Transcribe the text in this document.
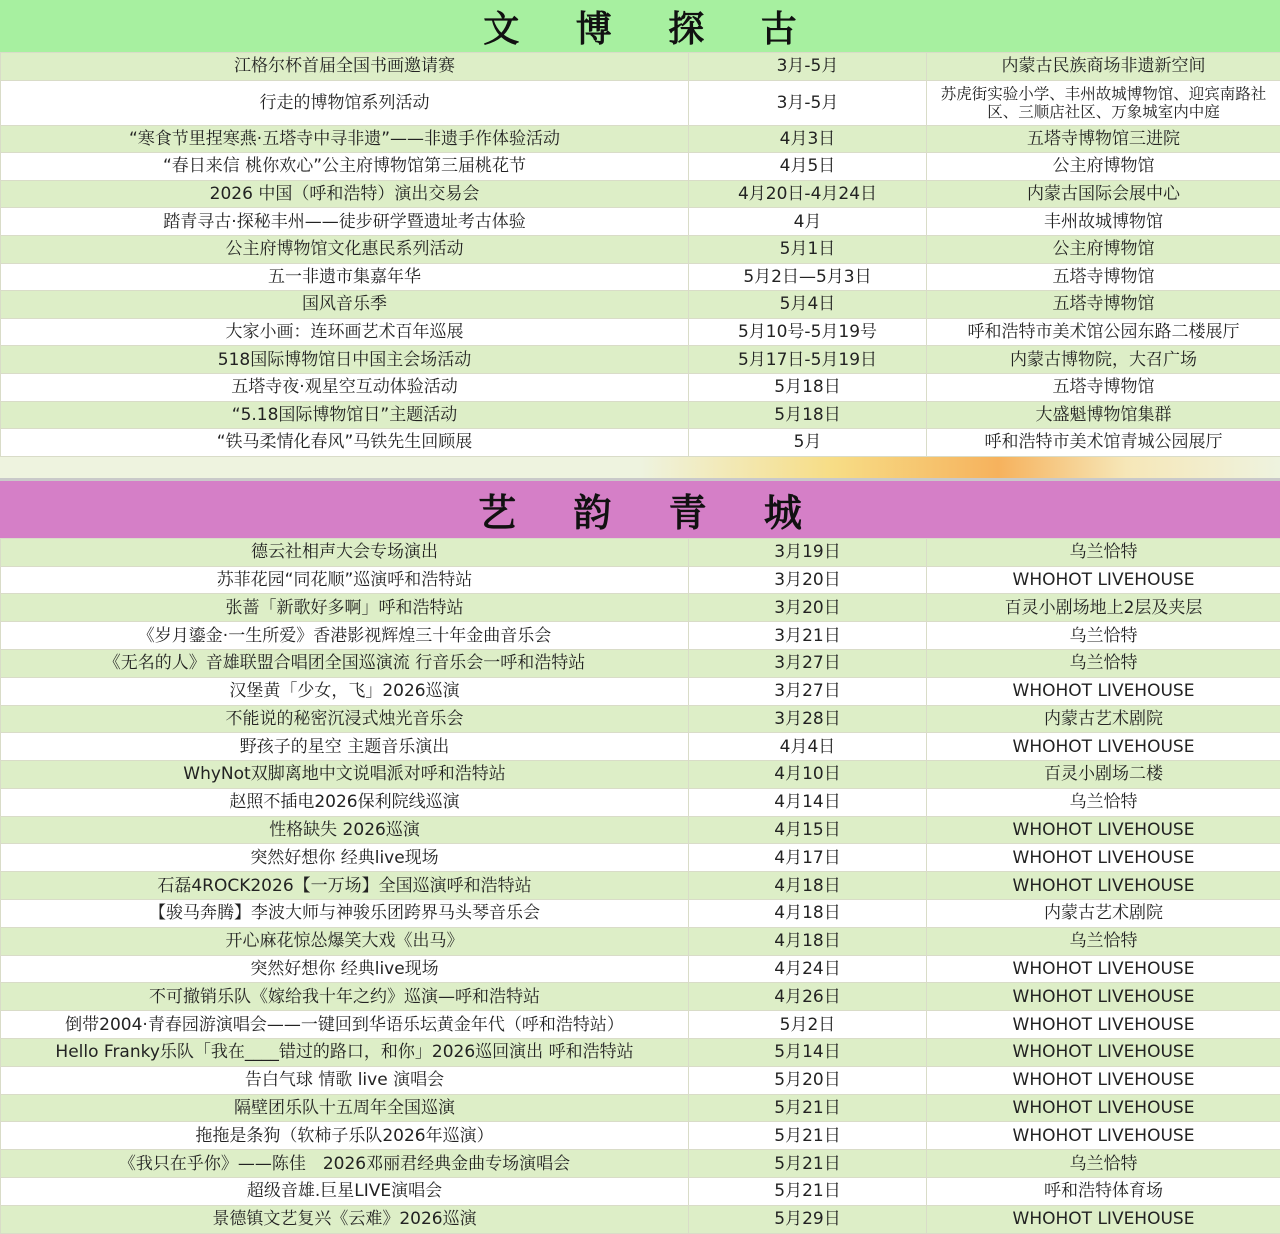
文 博 探 古
江格尔杯首届全国书画邀请赛	3月-5月	内蒙古民族商场非遗新空间
行走的博物馆系列活动	3月-5月	苏虎街实验小学、丰州故城博物馆、迎宾南路社区、三顺店社区、万象城室内中庭
“寒食节里捏寒燕·五塔寺中寻非遗”——非遗手作体验活动	4月3日	五塔寺博物馆三进院
“春日来信 桃你欢心”公主府博物馆第三届桃花节	4月5日	公主府博物馆
2026 中国（呼和浩特）演出交易会	4月20日-4月24日	内蒙古国际会展中心
踏青寻古·探秘丰州——徒步研学暨遗址考古体验	4月	丰州故城博物馆
公主府博物馆文化惠民系列活动	5月1日	公主府博物馆
五一非遗市集嘉年华	5月2日—5月3日	五塔寺博物馆
国风音乐季	5月4日	五塔寺博物馆
大家小画：连环画艺术百年巡展	5月10号-5月19号	呼和浩特市美术馆公园东路二楼展厅
518国际博物馆日中国主会场活动	5月17日-5月19日	内蒙古博物院，大召广场
五塔寺夜·观星空互动体验活动	5月18日	五塔寺博物馆
“5.18国际博物馆日”主题活动	5月18日	大盛魁博物馆集群
“铁马柔情化春风”马铁先生回顾展	5月	呼和浩特市美术馆青城公园展厅
艺 韵 青 城
德云社相声大会专场演出	3月19日	乌兰恰特
苏菲花园“同花顺”巡演呼和浩特站	3月20日	WHOHOT LIVEHOUSE
张蔷「新歌好多啊」呼和浩特站	3月20日	百灵小剧场地上2层及夹层
《岁月鎏金·一生所爱》香港影视辉煌三十年金曲音乐会	3月21日	乌兰恰特
《无名的人》音雄联盟合唱团全国巡演流 行音乐会一呼和浩特站	3月27日	乌兰恰特
汉堡黄「少女，飞」2026巡演	3月27日	WHOHOT LIVEHOUSE
不能说的秘密沉浸式烛光音乐会	3月28日	内蒙古艺术剧院
野孩子的星空 主题音乐演出	4月4日	WHOHOT LIVEHOUSE
WhyNot双脚离地中文说唱派对呼和浩特站	4月10日	百灵小剧场二楼
赵照不插电2026保利院线巡演	4月14日	乌兰恰特
性格缺失 2026巡演	4月15日	WHOHOT LIVEHOUSE
突然好想你 经典live现场	4月17日	WHOHOT LIVEHOUSE
石磊4ROCK2026【一万场】全国巡演呼和浩特站	4月18日	WHOHOT LIVEHOUSE
【骏马奔腾】李波大师与神骏乐团跨界马头琴音乐会	4月18日	内蒙古艺术剧院
开心麻花惊怂爆笑大戏《出马》	4月18日	乌兰恰特
突然好想你 经典live现场	4月24日	WHOHOT LIVEHOUSE
不可撤销乐队《嫁给我十年之约》巡演—呼和浩特站	4月26日	WHOHOT LIVEHOUSE
倒带2004·青春园游演唱会——一键回到华语乐坛黄金年代（呼和浩特站）	5月2日	WHOHOT LIVEHOUSE
Hello Franky乐队「我在____错过的路口，和你」2026巡回演出 呼和浩特站	5月14日	WHOHOT LIVEHOUSE
告白气球 情歌 live 演唱会	5月20日	WHOHOT LIVEHOUSE
隔壁团乐队十五周年全国巡演	5月21日	WHOHOT LIVEHOUSE
拖拖是条狗（软柿子乐队2026年巡演）	5月21日	WHOHOT LIVEHOUSE
《我只在乎你》——陈佳　2026邓丽君经典金曲专场演唱会	5月21日	乌兰恰特
超级音雄.巨星LIVE演唱会	5月21日	呼和浩特体育场
景德镇文艺复兴《云难》2026巡演	5月29日	WHOHOT LIVEHOUSE
